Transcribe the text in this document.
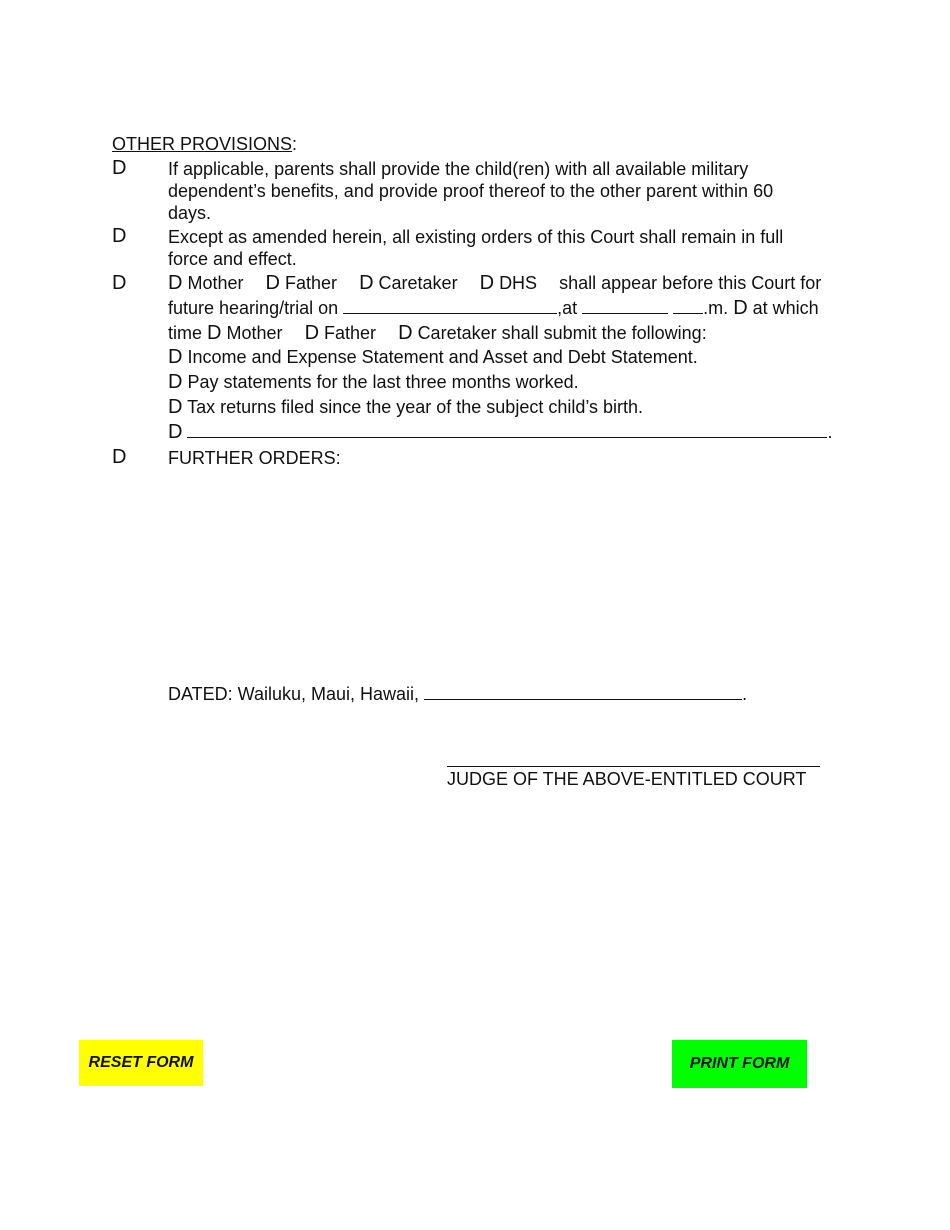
OTHER PROVISIONS:
D If applicable, parents shall provide the child(ren) with all available military
dependent’s benefits, and provide proof thereof to the other parent within 60
days.
D Except as amended herein, all existing orders of this Court shall remain in full
force and effect.
D D Mother D Father D Caretaker D DHS shall appear before this Court for
future hearing/trial on	,at	.m. D at which
time D Mother D Father D Caretaker shall submit the following:
D Income and Expense Statement and Asset and Debt Statement.
D Pay statements for the last three months worked.
D Tax returns filed since the year of the subject child’s birth.
D	.
D FURTHER ORDERS:
DATED: Wailuku, Maui, Hawaii,	.
JUDGE OF THE ABOVE-ENTITLED COURT
RESET FORM	PRINT FORM
